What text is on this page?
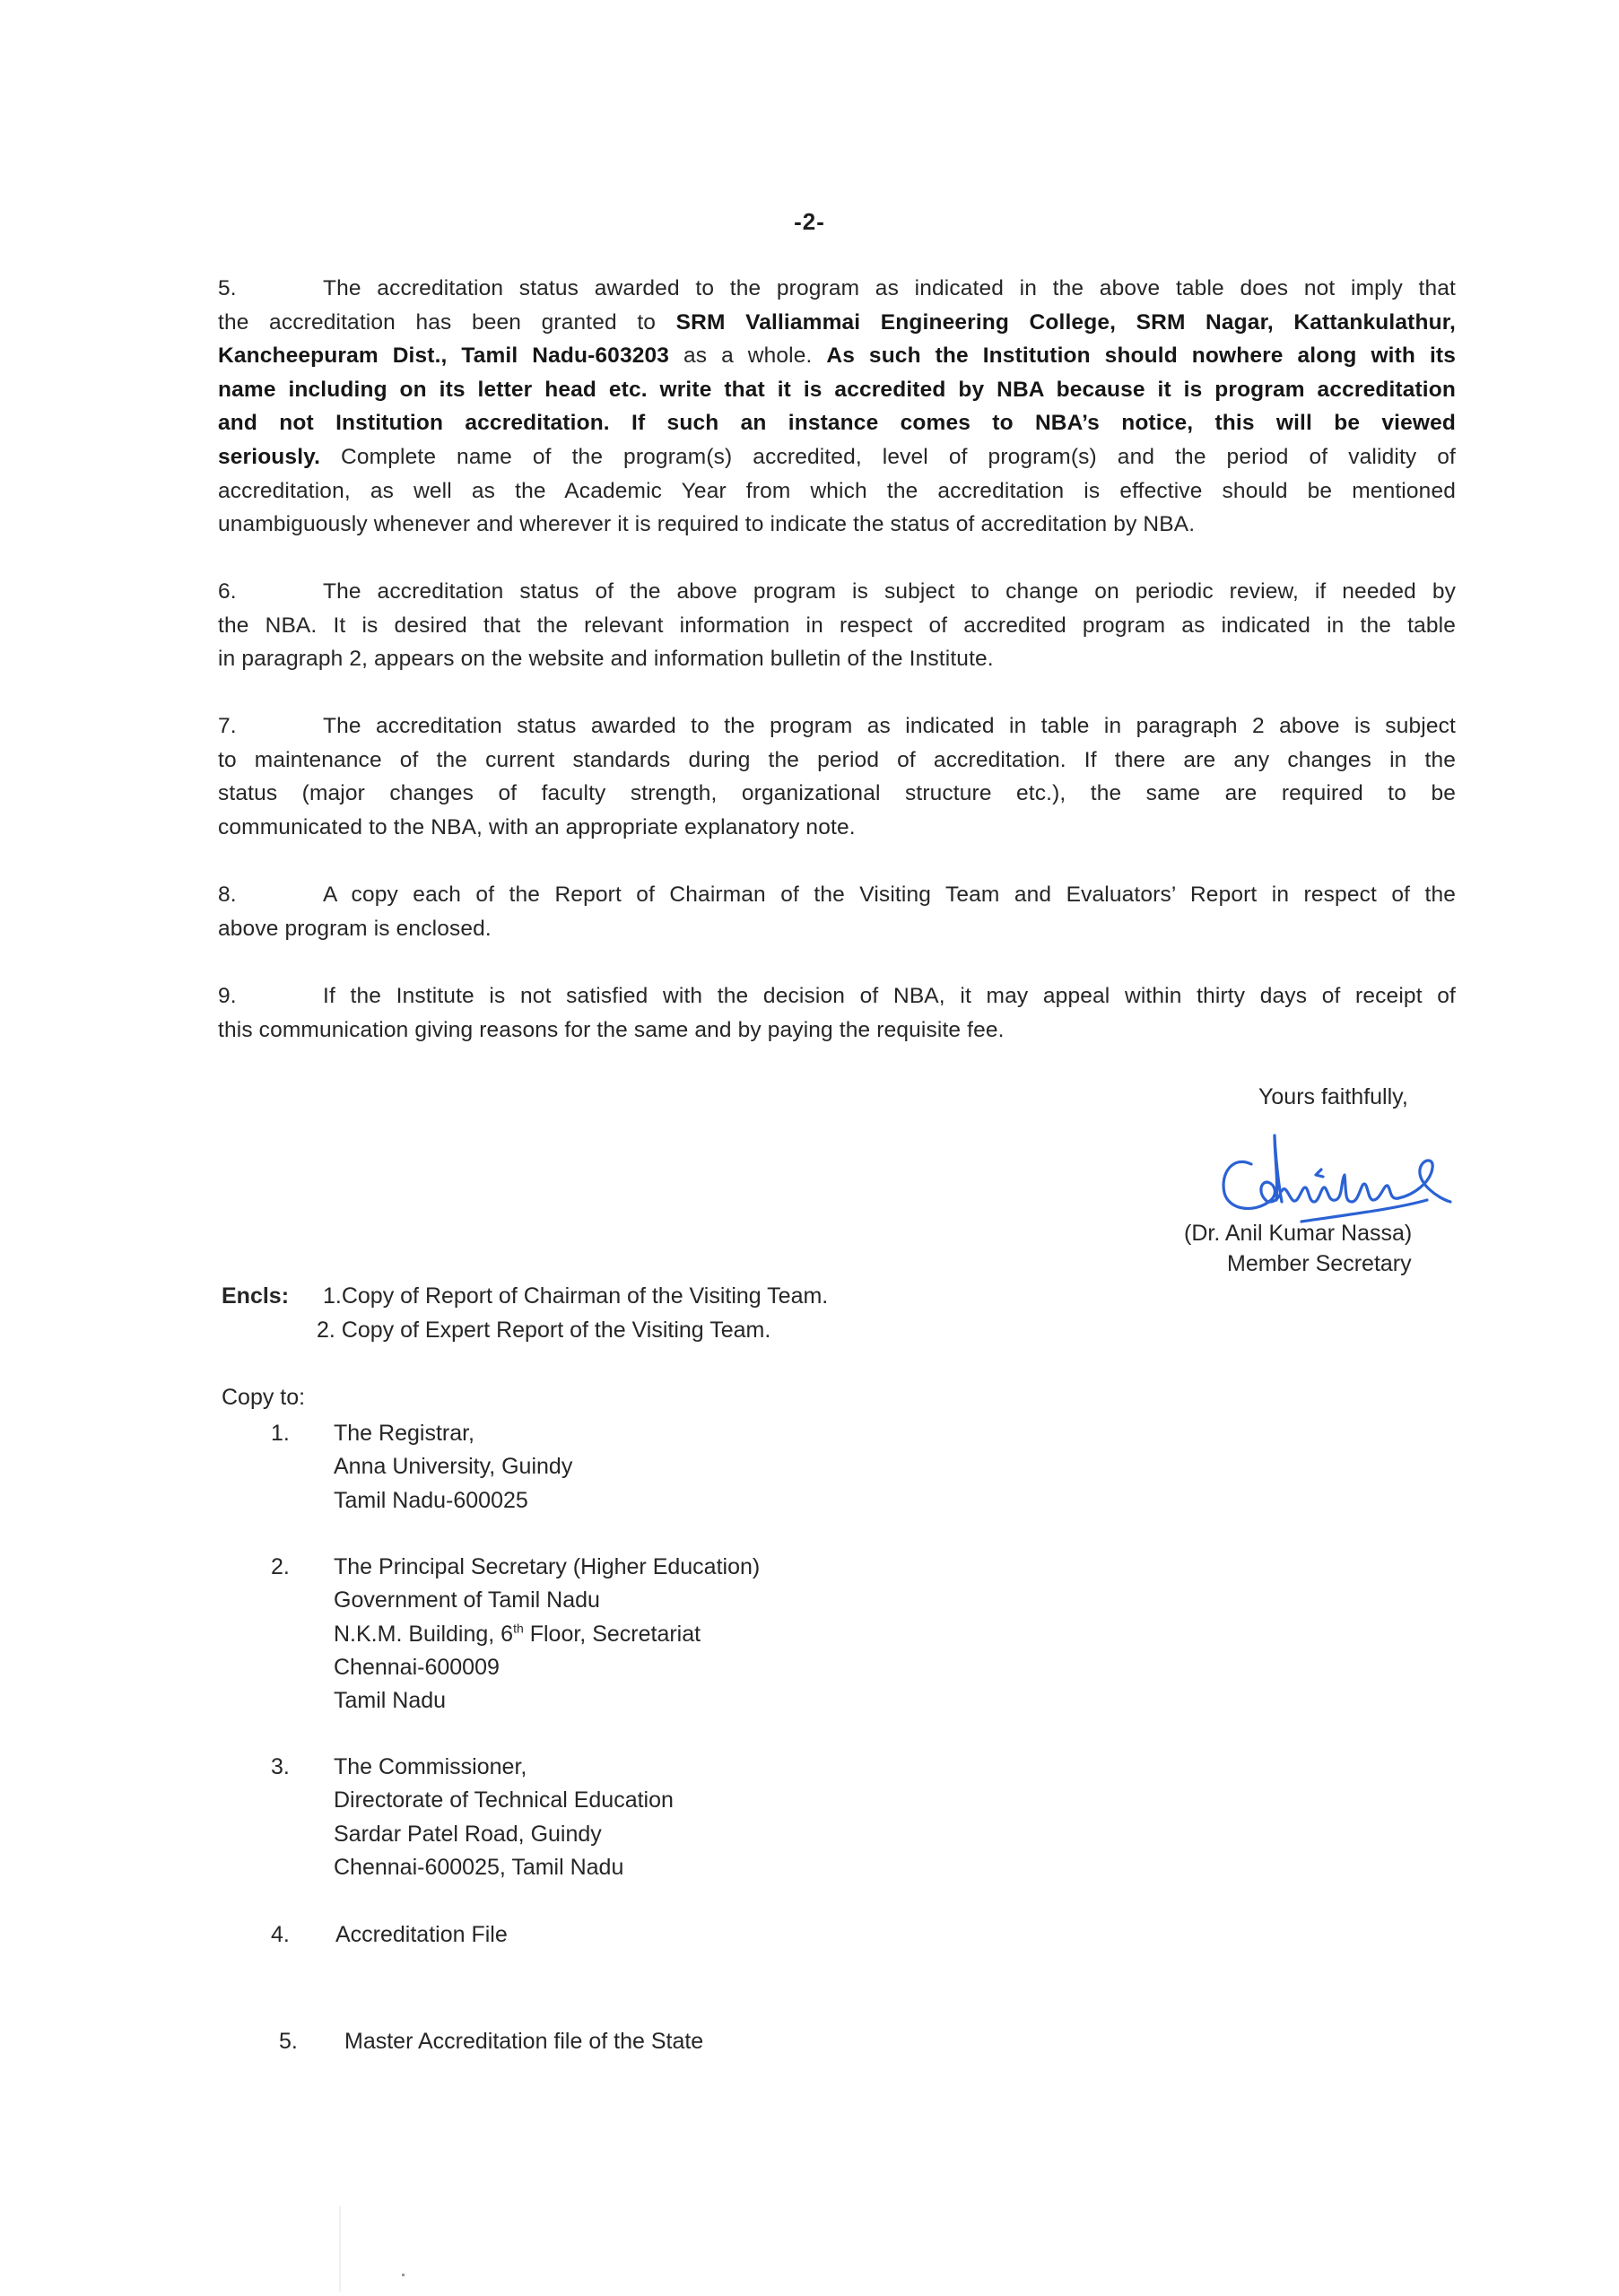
-2-
5.	The accreditation status awarded to the program as indicated in the above table does not imply that
the accreditation has been granted to SRM Valliammai Engineering College, SRM Nagar, Kattankulathur,
Kancheepuram Dist., Tamil Nadu-603203 as a whole. As such the Institution should nowhere along with its
name including on its letter head etc. write that it is accredited by NBA because it is program accreditation
and not Institution accreditation. If such an instance comes to NBA’s notice, this will be viewed
seriously. Complete name of the program(s) accredited, level of program(s) and the period of validity of
accreditation, as well as the Academic Year from which the accreditation is effective should be mentioned
unambiguously whenever and wherever it is required to indicate the status of accreditation by NBA.
6.	The accreditation status of the above program is subject to change on periodic review, if needed by
the NBA. It is desired that the relevant information in respect of accredited program as indicated in the table
in paragraph 2, appears on the website and information bulletin of the Institute.
7.	The accreditation status awarded to the program as indicated in table in paragraph 2 above is subject
to maintenance of the current standards during the period of accreditation. If there are any changes in the
status (major changes of faculty strength, organizational structure etc.), the same are required to be
communicated to the NBA, with an appropriate explanatory note.
8.	A copy each of the Report of Chairman of the Visiting Team and Evaluators’ Report in respect of the
above program is enclosed.
9.	If the Institute is not satisfied with the decision of NBA, it may appeal within thirty days of receipt of
this communication giving reasons for the same and by paying the requisite fee.
Yours faithfully,
(Dr. Anil Kumar Nassa)
Member Secretary
Encls: 1.Copy of Report of Chairman of the Visiting Team.
2. Copy of Expert Report of the Visiting Team.
Copy to:
1. The Registrar,
Anna University, Guindy
Tamil Nadu-600025
2. The Principal Secretary (Higher Education)
Government of Tamil Nadu
N.K.M. Building, 6th Floor, Secretariat
Chennai-600009
Tamil Nadu
3. The Commissioner,
Directorate of Technical Education
Sardar Patel Road, Guindy
Chennai-600025, Tamil Nadu
4. Accreditation File
5. Master Accreditation file of the State
